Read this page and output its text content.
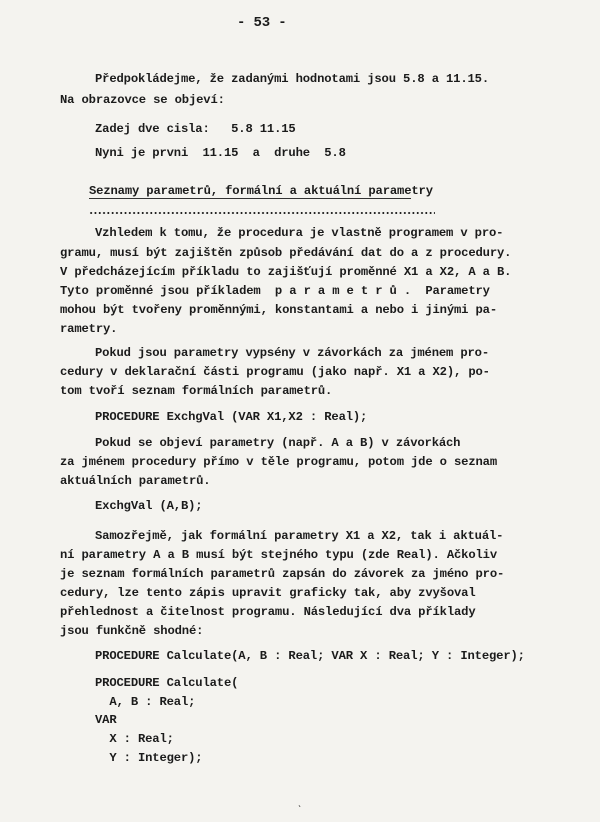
- 53 -
Předpokládejme, že zadanými hodnotami jsou 5.8 a 11.15.
Na obrazovce se objeví:
Zadej dve cisla:   5.8 11.15
Nyni je prvni  11.15  a  druhe  5.8
Seznamy parametrů, formální a aktuální parametry
Vzhledem k tomu, že procedura je vlastně programem v pro-
gramu, musí být zajištěn způsob předávání dat do a z procedury.
V předcházejícím příkladu to zajišťují proměnné X1 a X2, A a B.
Tyto proměnné jsou příkladem  p a r a m e t r ů .  Parametry
mohou být tvořeny proměnnými, konstantami a nebo i jinými pa-
rametry.
Pokud jsou parametry vypsény v závorkách za jménem pro-
cedury v deklarační části programu (jako např. X1 a X2), po-
tom tvoří seznam formálních parametrů.
PROCEDURE ExchgVal (VAR X1,X2 : Real);
Pokud se objeví parametry (např. A a B) v závorkách
za jménem procedury přímo v těle programu, potom jde o seznam
aktuálních parametrů.
ExchgVal (A,B);
Samozřejmě, jak formální parametry X1 a X2, tak i aktuál-
ní parametry A a B musí být stejného typu (zde Real). Ačkoliv
je seznam formálních parametrů zapsán do závorek za jméno pro-
cedury, lze tento zápis upravit graficky tak, aby zvyšoval
přehlednost a čitelnost programu. Následující dva příklady
jsou funkčně shodné:
PROCEDURE Calculate(A, B : Real; VAR X : Real; Y : Integer);
PROCEDURE Calculate(
A, B : Real;
VAR
X : Real;
Y : Integer);
ˋ
